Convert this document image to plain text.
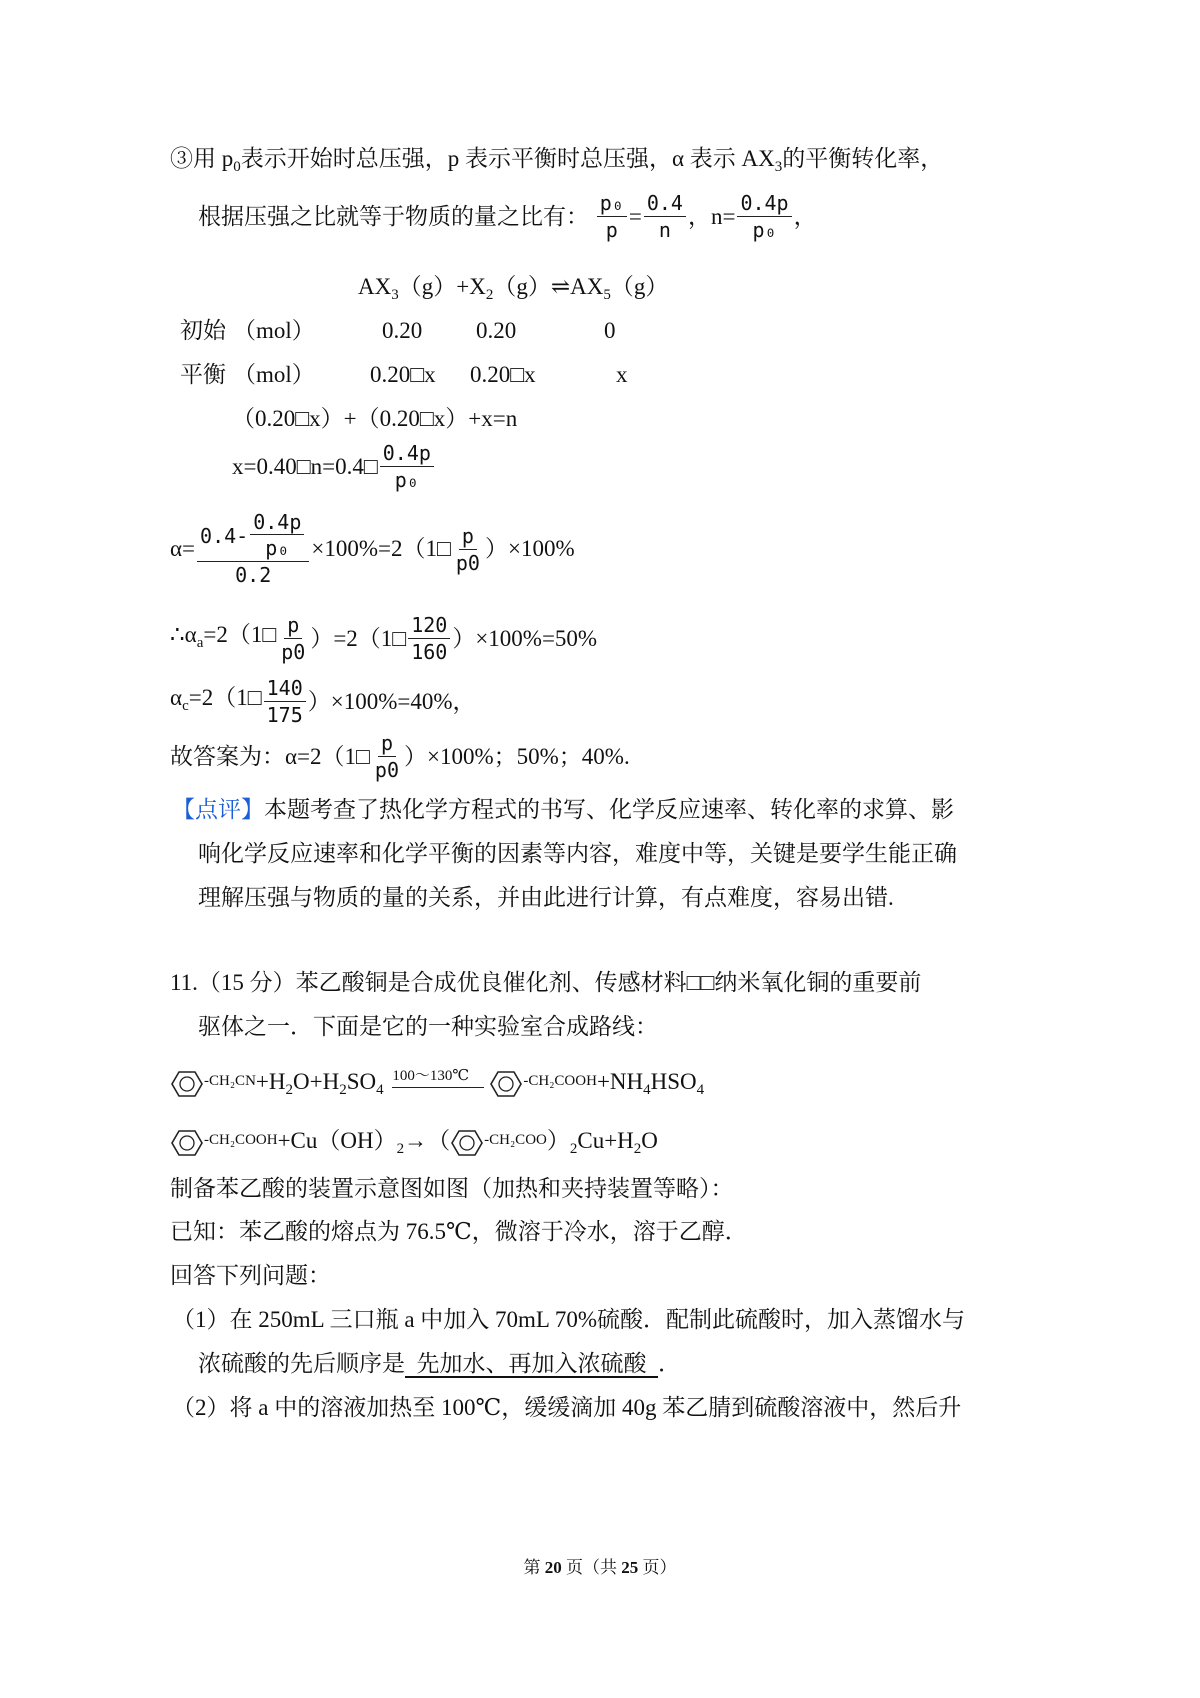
③用 $p_0$表示开始时总压强，p 表示平衡时总压强，α 表示 $AX_3$的平衡转化率，
根据压强之比就等于物质的量之比有： $\frac{\text{p₀}}{p} = \frac{0.4}{n}$ ，$n= \frac{0.4p}{\text{p₀}}$ ，
$AX_3(g)+X_2(g)\rightleftharpoons AX_5(g)$
初始 （mol）	0.20 0.20	0
平衡 （mol） 0.20□x 0.20□x	x
（0.20□x）+（0.20□x）+x=n
x=0.40□n=0.4□ $\frac{0.4p}{\text{p₀}}$
$\alpha= \frac{0.4- \frac{0.4p}{\text{p₀}}}{0.2}$ ×100%=2（1□ $\frac{p}{p0} )\times 100\%$
$\therefore\alpha_a=2(1□ \frac{p}{p0}$ ）=2（1□ $\frac{120}{160} )\times 100\%=50\%$
$\alpha_c=2(1□ \frac{140}{175} )\times 100\%=40\%$，
故答案为：α=2（1□ $\frac{p}{p0} )\times 100\%$；50%；40%.
【点评】本题考查了热化学方程式的书写、化学反应速率、转化率的求算、影
响化学反应速率和化学平衡的因素等内容，难度中等，关键是要学生能正确
理解压强与物质的量的关系，并由此进行计算，有点难度，容易出错.
11.（15 分）苯乙酸铜是合成优良催化剂、传感材料□□纳米氧化铜的重要前
驱体之一．下面是它的一种实验室合成路线：
$-CH_2CN+H_2O+H_2SO_4$
100～130℃	$-CH_2COOH+NH_4HSO_4$
$-CH_2COOH+Cu(OH)_2\to$（ $-CH_2COO)_2Cu+H_2O$
制备苯乙酸的装置示意图如图（加热和夹持装置等略）：
已知：苯乙酸的熔点为 76.5℃，微溶于冷水，溶于乙醇．
回答下列问题：
（1）在 250mL 三口瓶 a 中加入 70mL 70%硫酸．配制此硫酸时，加入蒸馏水与
浓硫酸的先后顺序是  先加水、再加入浓硫酸  ．
（2）将 a 中的溶液加热至 100℃，缓缓滴加 40g 苯乙腈到硫酸溶液中，然后升
第 20 页（共 25 页）
